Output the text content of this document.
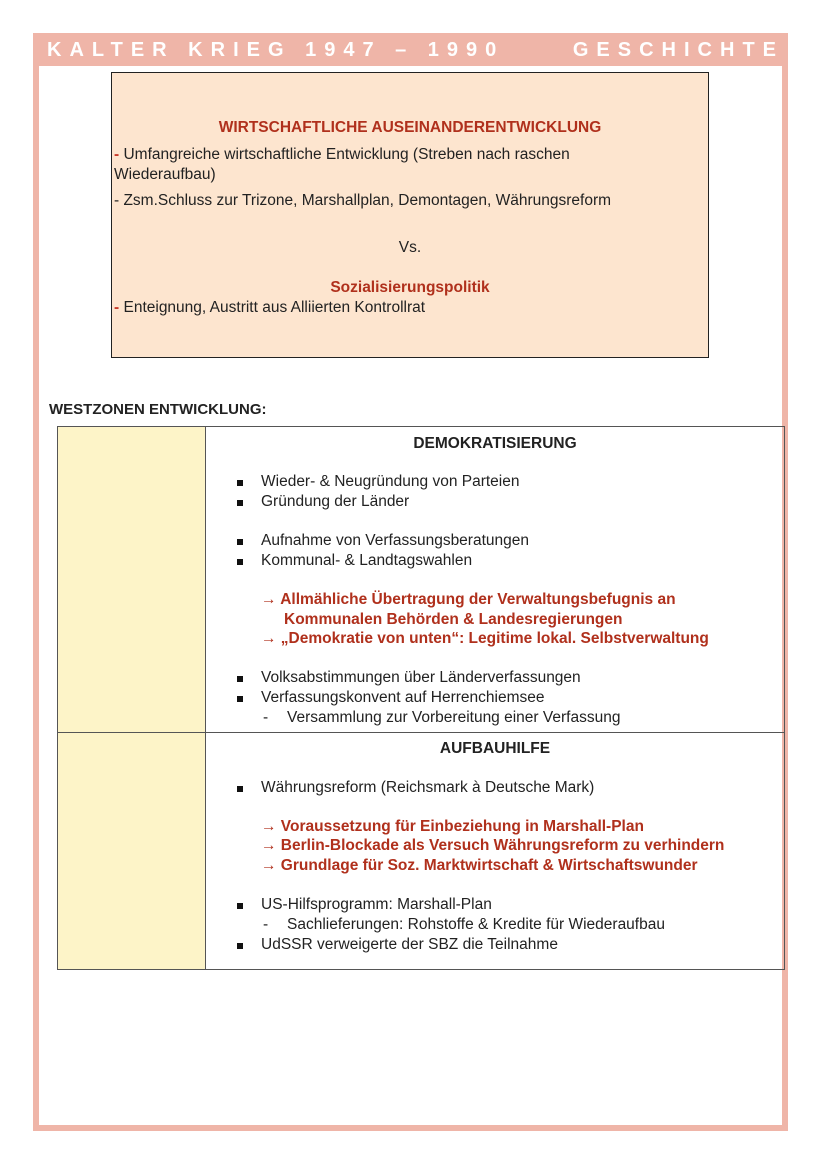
KALTER KRIEG 1947 – 1990	GESCHICHTE
WIRTSCHAFTLICHE AUSEINANDERENTWICKLUNG
- Umfangreiche wirtschaftliche Entwicklung (Streben nach raschen
Wiederaufbau)
- Zsm.Schluss zur Trizone, Marshallplan, Demontagen, Währungsreform
Vs.
Sozialisierungspolitik
- Enteignung, Austritt aus Alliierten Kontrollrat
WESTZONEN ENTWICKLUNG:
DEMOKRATISIERUNG
Wieder- & Neugründung von Parteien
Gründung der Länder
Aufnahme von Verfassungsberatungen
Kommunal- & Landtagswahlen
→ Allmähliche Übertragung der Verwaltungsbefugnis an
Kommunalen Behörden & Landesregierungen
→ „Demokratie von unten“: Legitime lokal. Selbstverwaltung
Volksabstimmungen über Länderverfassungen
Verfassungskonvent auf Herrenchiemsee
- Versammlung zur Vorbereitung einer Verfassung
AUFBAUHILFE
Währungsreform (Reichsmark à Deutsche Mark)
→ Voraussetzung für Einbeziehung in Marshall-Plan
→ Berlin-Blockade als Versuch Währungsreform zu verhindern
→ Grundlage für Soz. Marktwirtschaft & Wirtschaftswunder
US-Hilfsprogramm: Marshall-Plan
- Sachlieferungen: Rohstoffe & Kredite für Wiederaufbau
UdSSR verweigerte der SBZ die Teilnahme
